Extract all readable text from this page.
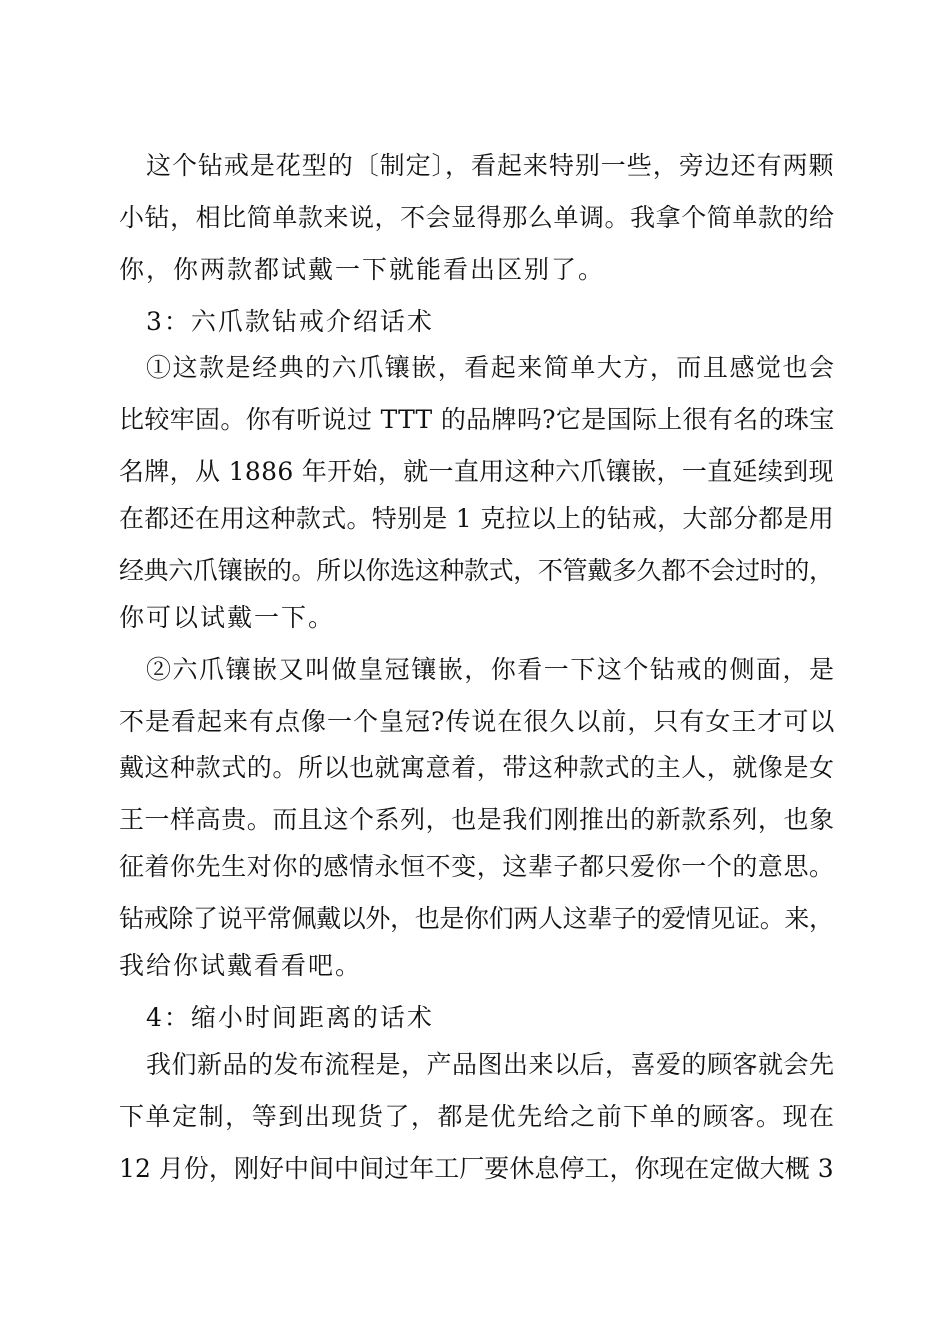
这个钻戒是花型的〔制定〕，看起来特别一些，旁边还有两颗
小钻，相比简单款来说，不会显得那么单调。我拿个简单款的给
你，你两款都试戴一下就能看出区别了。
3：六爪款钻戒介绍话术
①这款是经典的六爪镶嵌，看起来简单大方，而且感觉也会
比较牢固。你有听说过 TTT 的品牌吗?它是国际上很有名的珠宝
名牌，从 1886 年开始，就一直用这种六爪镶嵌，一直延续到现
在都还在用这种款式。特别是 1 克拉以上的钻戒，大部分都是用
经典六爪镶嵌的。所以你选这种款式，不管戴多久都不会过时的，
你可以试戴一下。
②六爪镶嵌又叫做皇冠镶嵌，你看一下这个钻戒的侧面，是
不是看起来有点像一个皇冠?传说在很久以前，只有女王才可以
戴这种款式的。所以也就寓意着，带这种款式的主人，就像是女
王一样高贵。而且这个系列，也是我们刚推出的新款系列，也象
征着你先生对你的感情永恒不变，这辈子都只爱你一个的意思。
钻戒除了说平常佩戴以外，也是你们两人这辈子的爱情见证。来，
我给你试戴看看吧。
4：缩小时间距离的话术
我们新品的发布流程是，产品图出来以后，喜爱的顾客就会先
下单定制，等到出现货了，都是优先给之前下单的顾客。现在
12 月份，刚好中间中间过年工厂要休息停工，你现在定做大概 3
